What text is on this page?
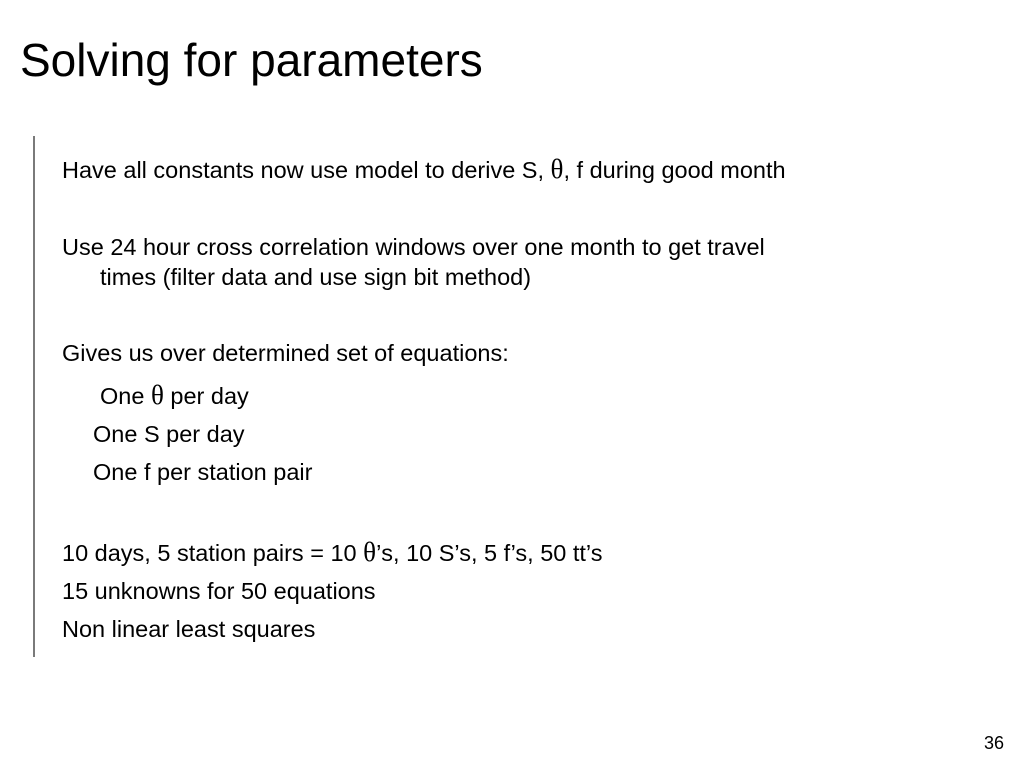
Solving for parameters
Have all constants now use model to derive S, θ, f during good month
Use 24 hour cross correlation windows over one month to get travel
times (filter data and use sign bit method)
Gives us over determined set of equations:
One θ per day
One S per day
One f per station pair
10 days, 5 station pairs = 10 θ’s, 10 S’s, 5 f’s, 50 tt’s
15 unknowns for 50 equations
Non linear least squares
36
